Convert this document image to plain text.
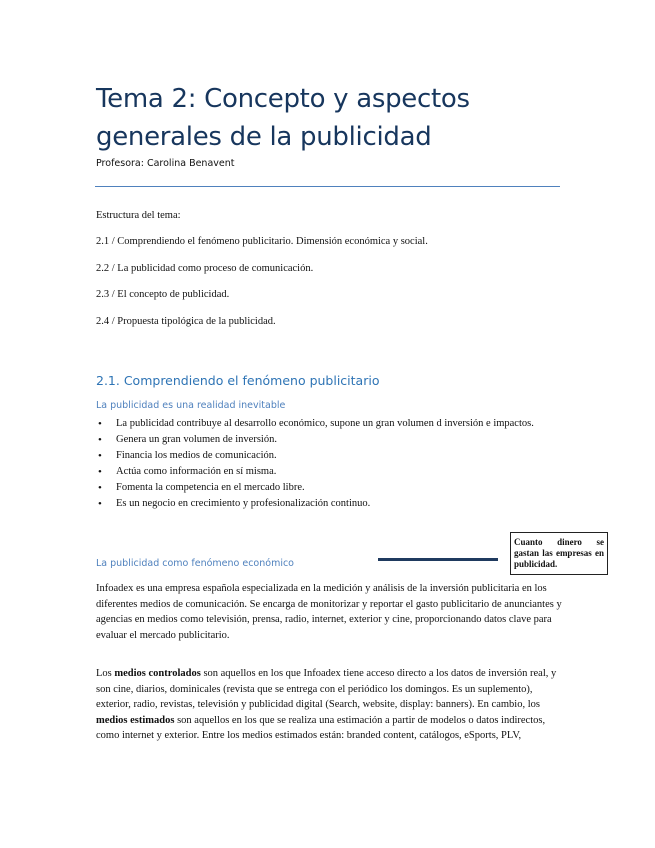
Tema 2: Concepto y aspectos generales de la publicidad
Profesora: Carolina Benavent
Estructura del tema:
2.1 / Comprendiendo el fenómeno publicitario. Dimensión económica y social.
2.2 / La publicidad como proceso de comunicación.
2.3 / El concepto de publicidad.
2.4 / Propuesta tipológica de la publicidad.
2.1. Comprendiendo el fenómeno publicitario
La publicidad es una realidad inevitable
• La publicidad contribuye al desarrollo económico, supone un gran volumen d inversión e impactos.
• Genera un gran volumen de inversión.
• Financia los medios de comunicación.
• Actúa como información en sí misma.
• Fomenta la competencia en el mercado libre.
• Es un negocio en crecimiento y profesionalización continuo.
La publicidad como fenómeno económico
Cuanto dinero se gastan las empresas en publicidad.

Infoadex es una empresa española especializada en la medición y análisis de la inversión publicitaria en los diferentes medios de comunicación. Se encarga de monitorizar y reportar el gasto publicitario de anunciantes y agencias en medios como televisión, prensa, radio, internet, exterior y cine, proporcionando datos clave para evaluar el mercado publicitario.

Los medios controlados son aquellos en los que Infoadex tiene acceso directo a los datos de inversión real, y son cine, diarios, dominicales (revista que se entrega con el periódico los domingos. Es un suplemento), exterior, radio, revistas, televisión y publicidad digital (Search, website, display: banners). En cambio, los medios estimados son aquellos en los que se realiza una estimación a partir de modelos o datos indirectos, como internet y exterior. Entre los medios estimados están: branded content, catálogos, eSports, PLV,
